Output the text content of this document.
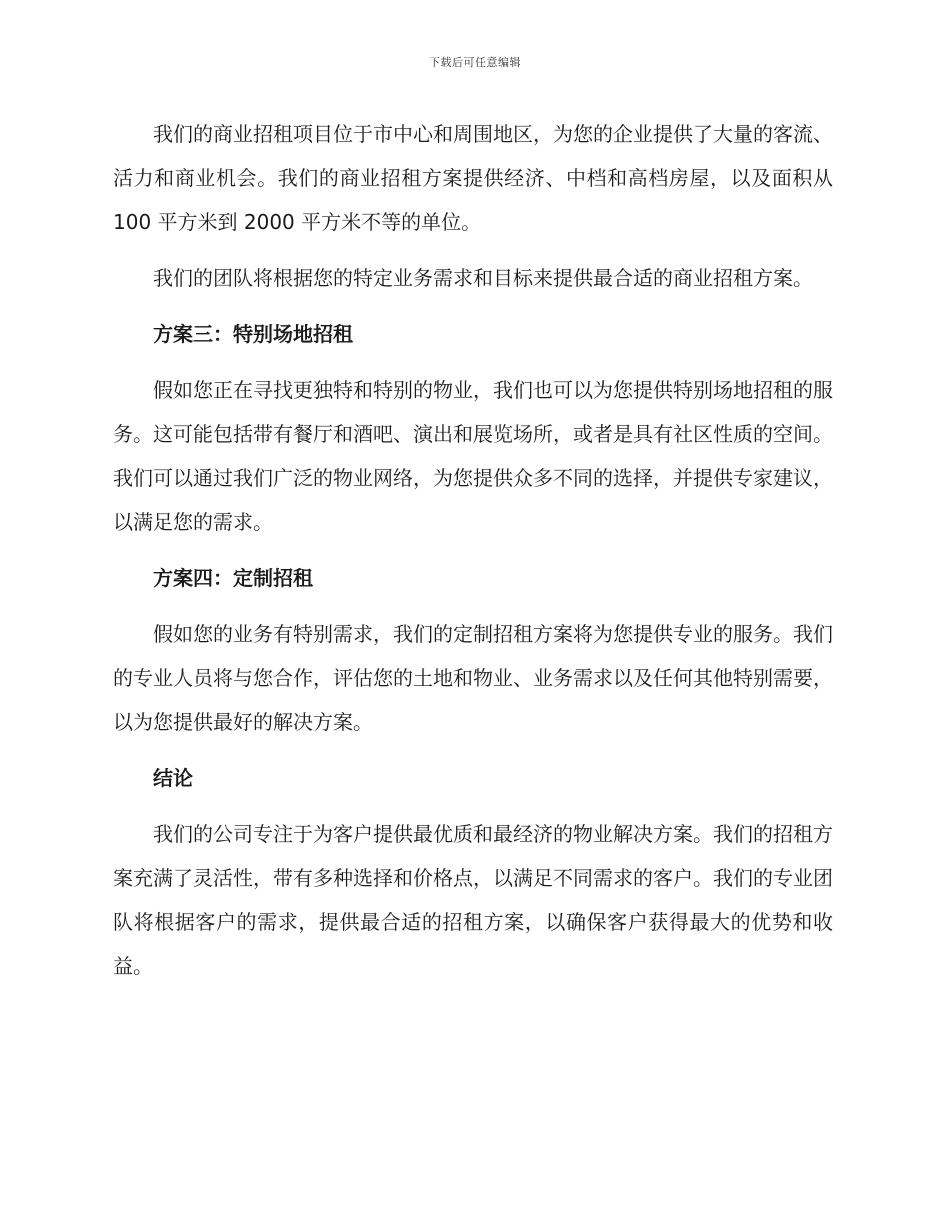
下载后可任意编辑

我们的商业招租项目位于市中心和周围地区，为您的企业提供了大量的客流、活力和商业机会。我们的商业招租方案提供经济、中档和高档房屋，以及面积从 100 平方米到 2000 平方米不等的单位。

我们的团队将根据您的特定业务需求和目标来提供最合适的商业招租方案。

方案三：特别场地招租

假如您正在寻找更独特和特别的物业，我们也可以为您提供特别场地招租的服务。这可能包括带有餐厅和酒吧、演出和展览场所，或者是具有社区性质的空间。我们可以通过我们广泛的物业网络，为您提供众多不同的选择，并提供专家建议，以满足您的需求。

方案四：定制招租

假如您的业务有特别需求，我们的定制招租方案将为您提供专业的服务。我们的专业人员将与您合作，评估您的土地和物业、业务需求以及任何其他特别需要，以为您提供最好的解决方案。

结论

我们的公司专注于为客户提供最优质和最经济的物业解决方案。我们的招租方案充满了灵活性，带有多种选择和价格点，以满足不同需求的客户。我们的专业团队将根据客户的需求，提供最合适的招租方案，以确保客户获得最大的优势和收益。
